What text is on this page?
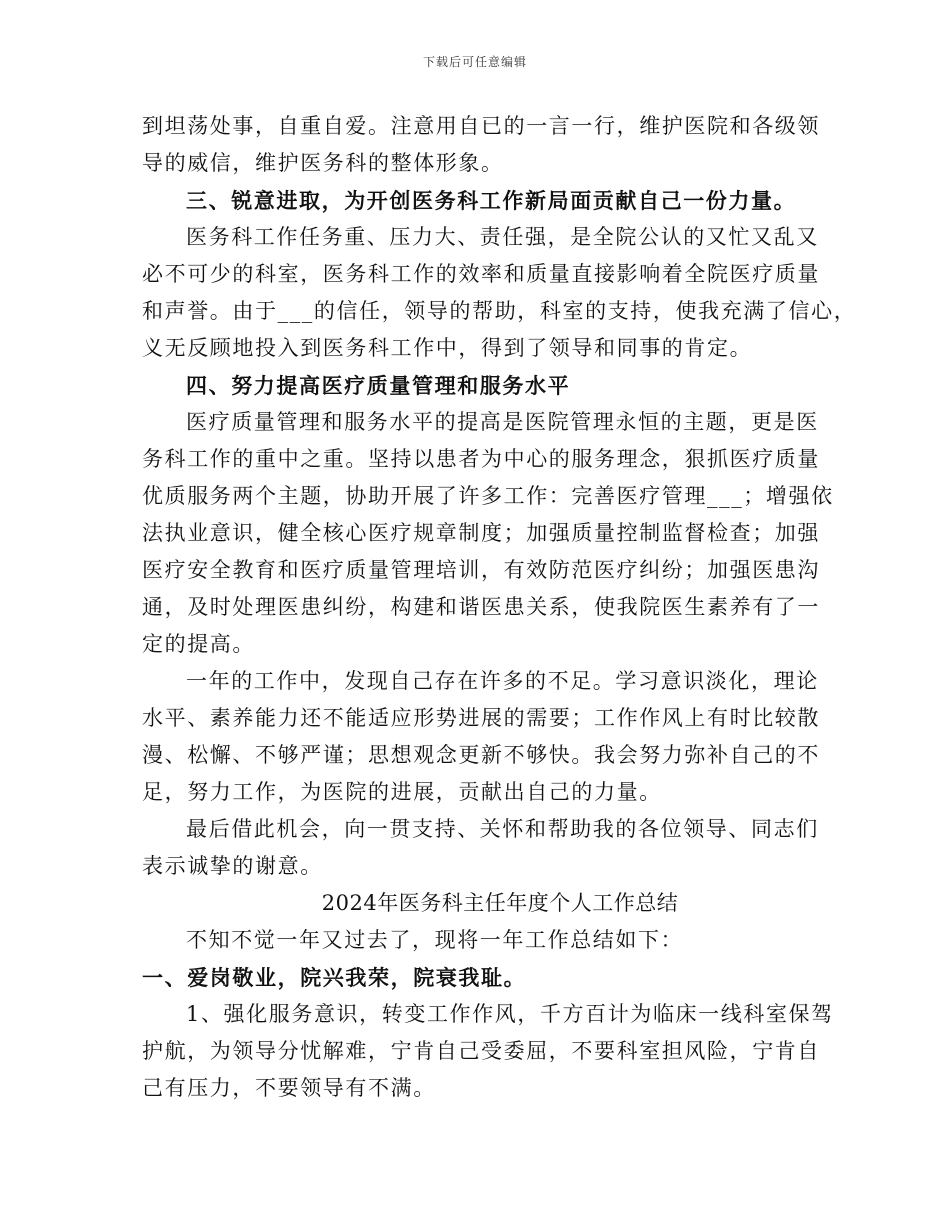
下载后可任意编辑
到坦荡处事，自重自爱。注意用自已的一言一行，维护医院和各级领
导的威信，维护医务科的整体形象。
三、锐意进取，为开创医务科工作新局面贡献自己一份力量。
医务科工作任务重、压力大、责任强，是全院公认的又忙又乱又
必不可少的科室，医务科工作的效率和质量直接影响着全院医疗质量
和声誉。由于___的信任，领导的帮助，科室的支持，使我充满了信心，
义无反顾地投入到医务科工作中，得到了领导和同事的肯定。
四、努力提高医疗质量管理和服务水平
医疗质量管理和服务水平的提高是医院管理永恒的主题，更是医
务科工作的重中之重。坚持以患者为中心的服务理念，狠抓医疗质量
优质服务两个主题，协助开展了许多工作：完善医疗管理___；增强依
法执业意识，健全核心医疗规章制度；加强质量控制监督检查；加强
医疗安全教育和医疗质量管理培训，有效防范医疗纠纷；加强医患沟
通，及时处理医患纠纷，构建和谐医患关系，使我院医生素养有了一
定的提高。
一年的工作中，发现自己存在许多的不足。学习意识淡化，理论
水平、素养能力还不能适应形势进展的需要；工作作风上有时比较散
漫、松懈、不够严谨；思想观念更新不够快。我会努力弥补自己的不
足，努力工作，为医院的进展，贡献出自己的力量。
最后借此机会，向一贯支持、关怀和帮助我的各位领导、同志们
表示诚挚的谢意。
2024年医务科主任年度个人工作总结
不知不觉一年又过去了，现将一年工作总结如下：
一、爱岗敬业，院兴我荣，院衰我耻。
1、强化服务意识，转变工作作风，千方百计为临床一线科室保驾
护航，为领导分忧解难，宁肯自己受委屈，不要科室担风险，宁肯自
己有压力，不要领导有不满。
